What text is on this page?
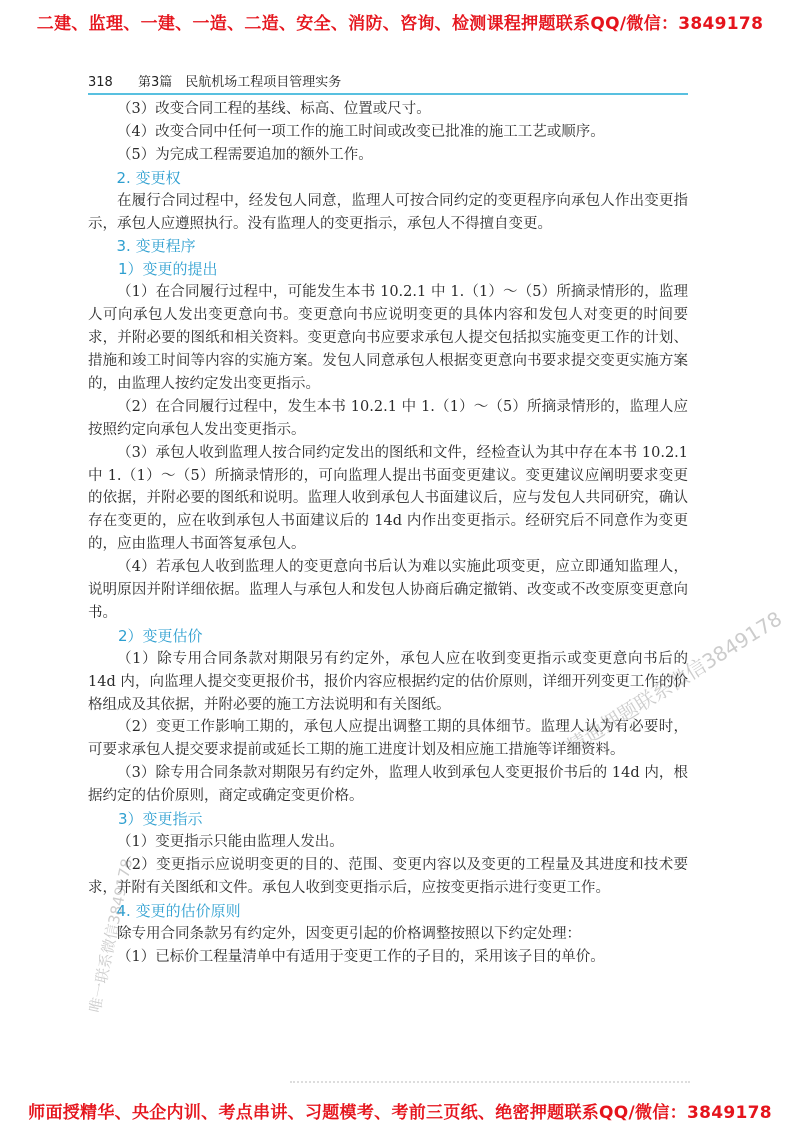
二建、监理、一建、一造、二造、安全、消防、咨询、检测课程押题联系QQ/微信：3849178
318 第3篇　民航机场工程项目管理实务

（3）改变合同工程的基线、标高、位置或尺寸。

（4）改变合同中任何一项工作的施工时间或改变已批准的施工工艺或顺序。

（5）为完成工程需要追加的额外工作。

2. 变更权

在履行合同过程中，经发包人同意，监理人可按合同约定的变更程序向承包人作出变更指示，承包人应遵照执行。没有监理人的变更指示，承包人不得擅自变更。

3. 变更程序

1）变更的提出

（1）在合同履行过程中，可能发生本书 10.2.1 中 1.（1）～（5）所摘录情形的，监理人可向承包人发出变更意向书。变更意向书应说明变更的具体内容和发包人对变更的时间要求，并附必要的图纸和相关资料。变更意向书应要求承包人提交包括拟实施变更工作的计划、措施和竣工时间等内容的实施方案。发包人同意承包人根据变更意向书要求提交变更实施方案的，由监理人按约定发出变更指示。

（2）在合同履行过程中，发生本书 10.2.1 中 1.（1）～（5）所摘录情形的，监理人应按照约定向承包人发出变更指示。

（3）承包人收到监理人按合同约定发出的图纸和文件，经检查认为其中存在本书 10.2.1 中 1.（1）～（5）所摘录情形的，可向监理人提出书面变更建议。变更建议应阐明要求变更的依据，并附必要的图纸和说明。监理人收到承包人书面建议后，应与发包人共同研究，确认存在变更的，应在收到承包人书面建议后的 14d 内作出变更指示。经研究后不同意作为变更的，应由监理人书面答复承包人。

（4）若承包人收到监理人的变更意向书后认为难以实施此项变更，应立即通知监理人，说明原因并附详细依据。监理人与承包人和发包人协商后确定撤销、改变或不改变原变更意向书。

2）变更估价

（1）除专用合同条款对期限另有约定外，承包人应在收到变更指示或变更意向书后的 14d 内，向监理人提交变更报价书，报价内容应根据约定的估价原则，详细开列变更工作的价格组成及其依据，并附必要的施工方法说明和有关图纸。

（2）变更工作影响工期的，承包人应提出调整工期的具体细节。监理人认为有必要时，可要求承包人提交要求提前或延长工期的施工进度计划及相应施工措施等详细资料。

（3）除专用合同条款对期限另有约定外，监理人收到承包人变更报价书后的 14d 内，根据约定的估价原则，商定或确定变更价格。

3）变更指示

（1）变更指示只能由监理人发出。

（2）变更指示应说明变更的目的、范围、变更内容以及变更的工程量及其进度和技术要求，并附有关图纸和文件。承包人收到变更指示后，应按变更指示进行变更工作。

4. 变更的估价原则

除专用合同条款另有约定外，因变更引起的价格调整按照以下约定处理：

（1）已标价工程量清单中有适用于变更工作的子目的，采用该子目的单价。

精通押题联系微信3849178
唯一联系微信3849178
师面授精华、央企内训、考点串讲、习题模考、考前三页纸、绝密押题联系QQ/微信：3849178
